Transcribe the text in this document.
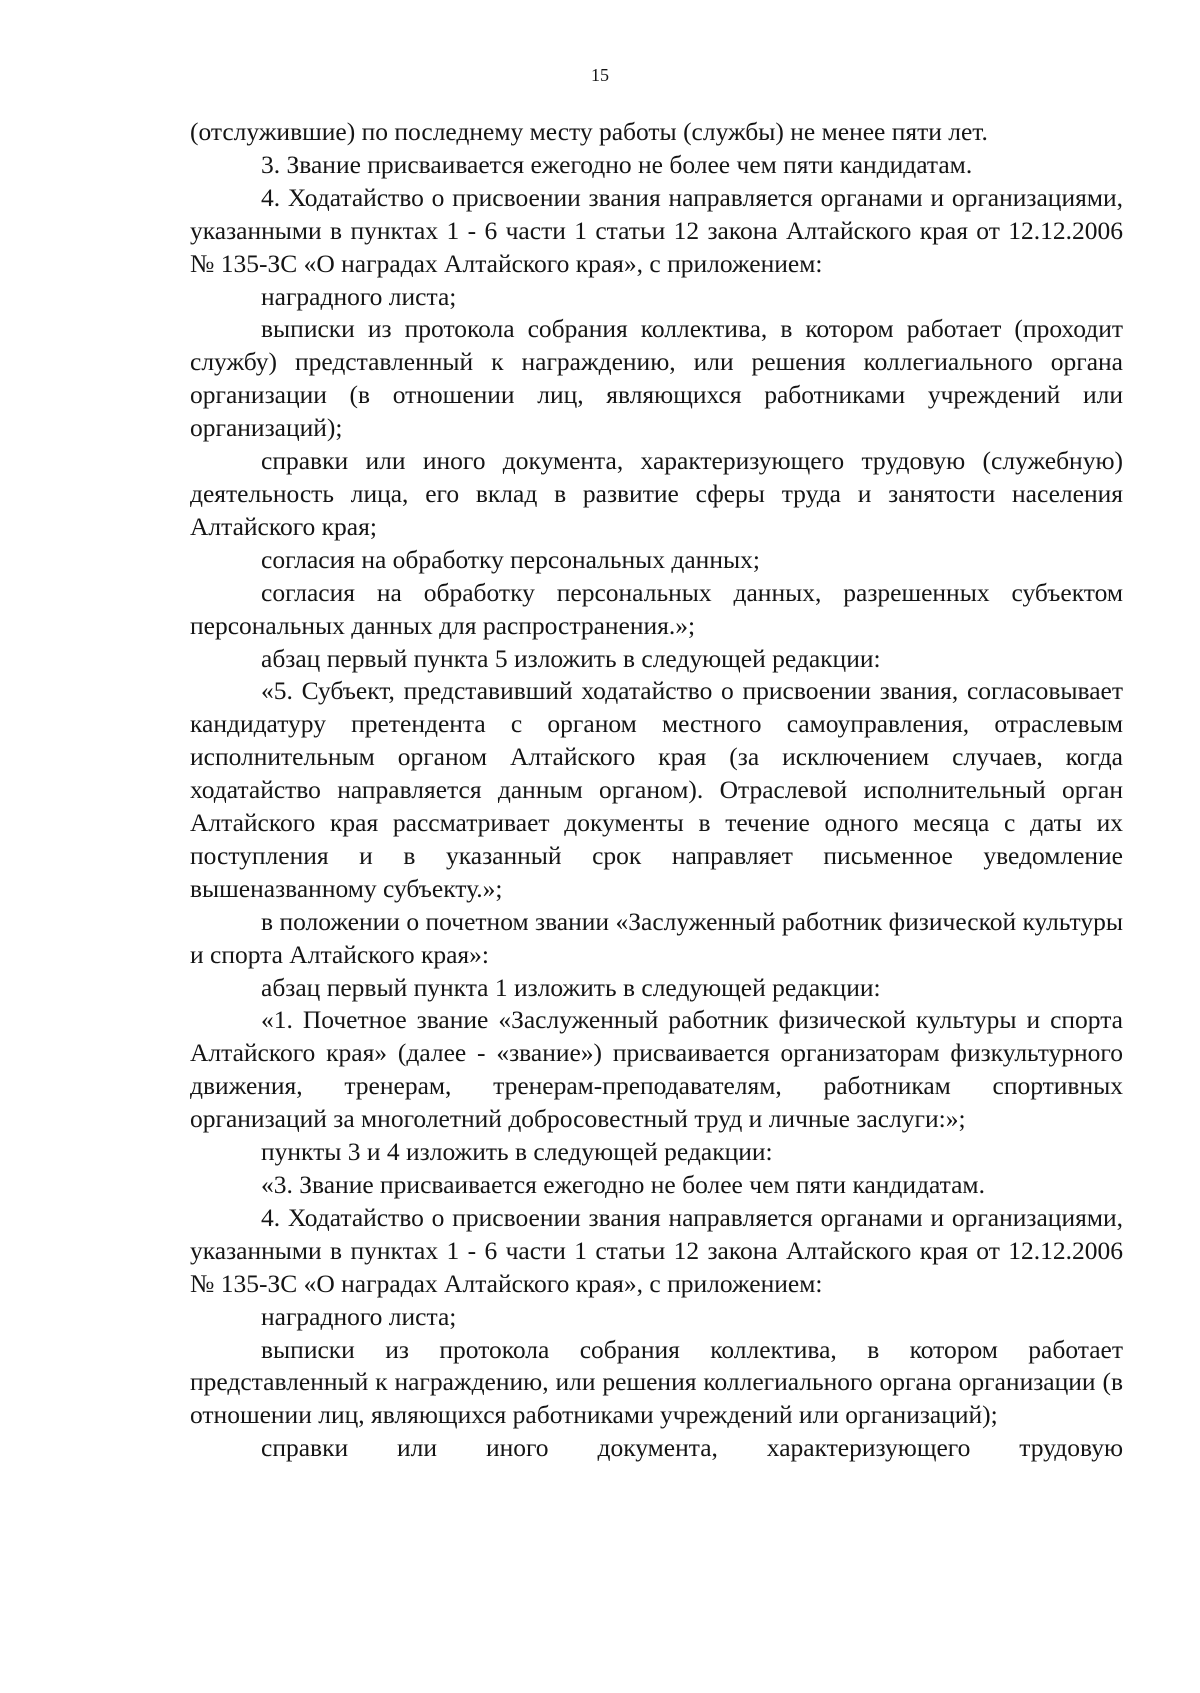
15

(отслужившие) по последнему месту работы (службы) не менее пяти лет.

3. Звание присваивается ежегодно не более чем пяти кандидатам.

4. Ходатайство о присвоении звания направляется органами и организациями, указанными в пунктах 1 - 6 части 1 статьи 12 закона Алтайского края от 12.12.2006 № 135-ЗС «О наградах Алтайского края», с приложением:

наградного листа;

выписки из протокола собрания коллектива, в котором работает (проходит службу) представленный к награждению, или решения коллегиального органа организации (в отношении лиц, являющихся работниками учреждений или организаций);

справки или иного документа, характеризующего трудовую (служебную) деятельность лица, его вклад в развитие сферы труда и занятости населения Алтайского края;

согласия на обработку персональных данных;

согласия на обработку персональных данных, разрешенных субъектом персональных данных для распространения.»;

абзац первый пункта 5 изложить в следующей редакции:

«5. Субъект, представивший ходатайство о присвоении звания, согласовывает кандидатуру претендента с органом местного самоуправления, отраслевым исполнительным органом Алтайского края (за исключением случаев, когда ходатайство направляется данным органом). Отраслевой исполнительный орган Алтайского края рассматривает документы в течение одного месяца с даты их поступления и в указанный срок направляет письменное уведомление вышеназванному субъекту.»;

в положении о почетном звании «Заслуженный работник физической культуры и спорта Алтайского края»:

абзац первый пункта 1 изложить в следующей редакции:

«1. Почетное звание «Заслуженный работник физической культуры и спорта Алтайского края» (далее - «звание») присваивается организаторам физкультурного движения, тренерам, тренерам-преподавателям, работникам спортивных организаций за многолетний добросовестный труд и личные заслуги:»;

пункты 3 и 4 изложить в следующей редакции:

«3. Звание присваивается ежегодно не более чем пяти кандидатам.

4. Ходатайство о присвоении звания направляется органами и организациями, указанными в пунктах 1 - 6 части 1 статьи 12 закона Алтайского края от 12.12.2006 № 135-ЗС «О наградах Алтайского края», с приложением:

наградного листа;

выписки из протокола собрания коллектива, в котором работает представленный к награждению, или решения коллегиального органа организации (в отношении лиц, являющихся работниками учреждений или организаций);

справки или иного документа, характеризующего трудовую
